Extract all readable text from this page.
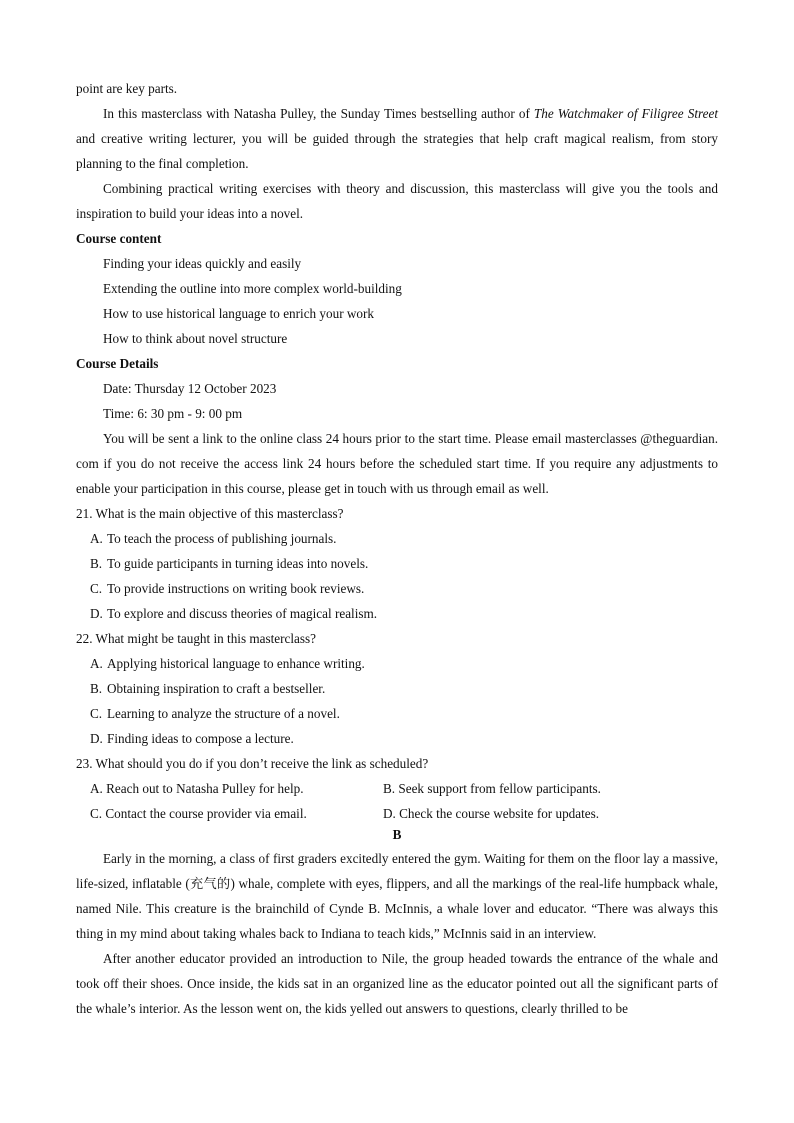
point are key parts.

In this masterclass with Natasha Pulley, the Sunday Times bestselling author of The Watchmaker of Filigree Street and creative writing lecturer, you will be guided through the strategies that help craft magical realism, from story planning to the final completion.

Combining practical writing exercises with theory and discussion, this masterclass will give you the tools and inspiration to build your ideas into a novel.

Course content

Finding your ideas quickly and easily

Extending the outline into more complex world-building

How to use historical language to enrich your work

How to think about novel structure

Course Details

Date: Thursday 12 October 2023

Time: 6: 30 pm - 9: 00 pm

You will be sent a link to the online class 24 hours prior to the start time. Please email masterclasses @theguardian. com if you do not receive the access link 24 hours before the scheduled start time. If you require any adjustments to enable your participation in this course, please get in touch with us through email as well.

21. What is the main objective of this masterclass?

A. To teach the process of publishing journals.

B. To guide participants in turning ideas into novels.

C. To provide instructions on writing book reviews.

D. To explore and discuss theories of magical realism.

22. What might be taught in this masterclass?

A. Applying historical language to enhance writing.

B. Obtaining inspiration to craft a bestseller.

C. Learning to analyze the structure of a novel.

D. Finding ideas to compose a lecture.

23. What should you do if you don’t receive the link as scheduled?

A. Reach out to Natasha Pulley for help.	B. Seek support from fellow participants.
C. Contact the course provider via email.	D. Check the course website for updates.

B

Early in the morning, a class of first graders excitedly entered the gym. Waiting for them on the floor lay a massive, life-sized, inflatable (充气的) whale, complete with eyes, flippers, and all the markings of the real-life humpback whale, named Nile. This creature is the brainchild of Cynde B. McInnis, a whale lover and educator. “There was always this thing in my mind about taking whales back to Indiana to teach kids,” McInnis said in an interview.

After another educator provided an introduction to Nile, the group headed towards the entrance of the whale and took off their shoes. Once inside, the kids sat in an organized line as the educator pointed out all the significant parts of the whale’s interior. As the lesson went on, the kids yelled out answers to questions, clearly thrilled to be
